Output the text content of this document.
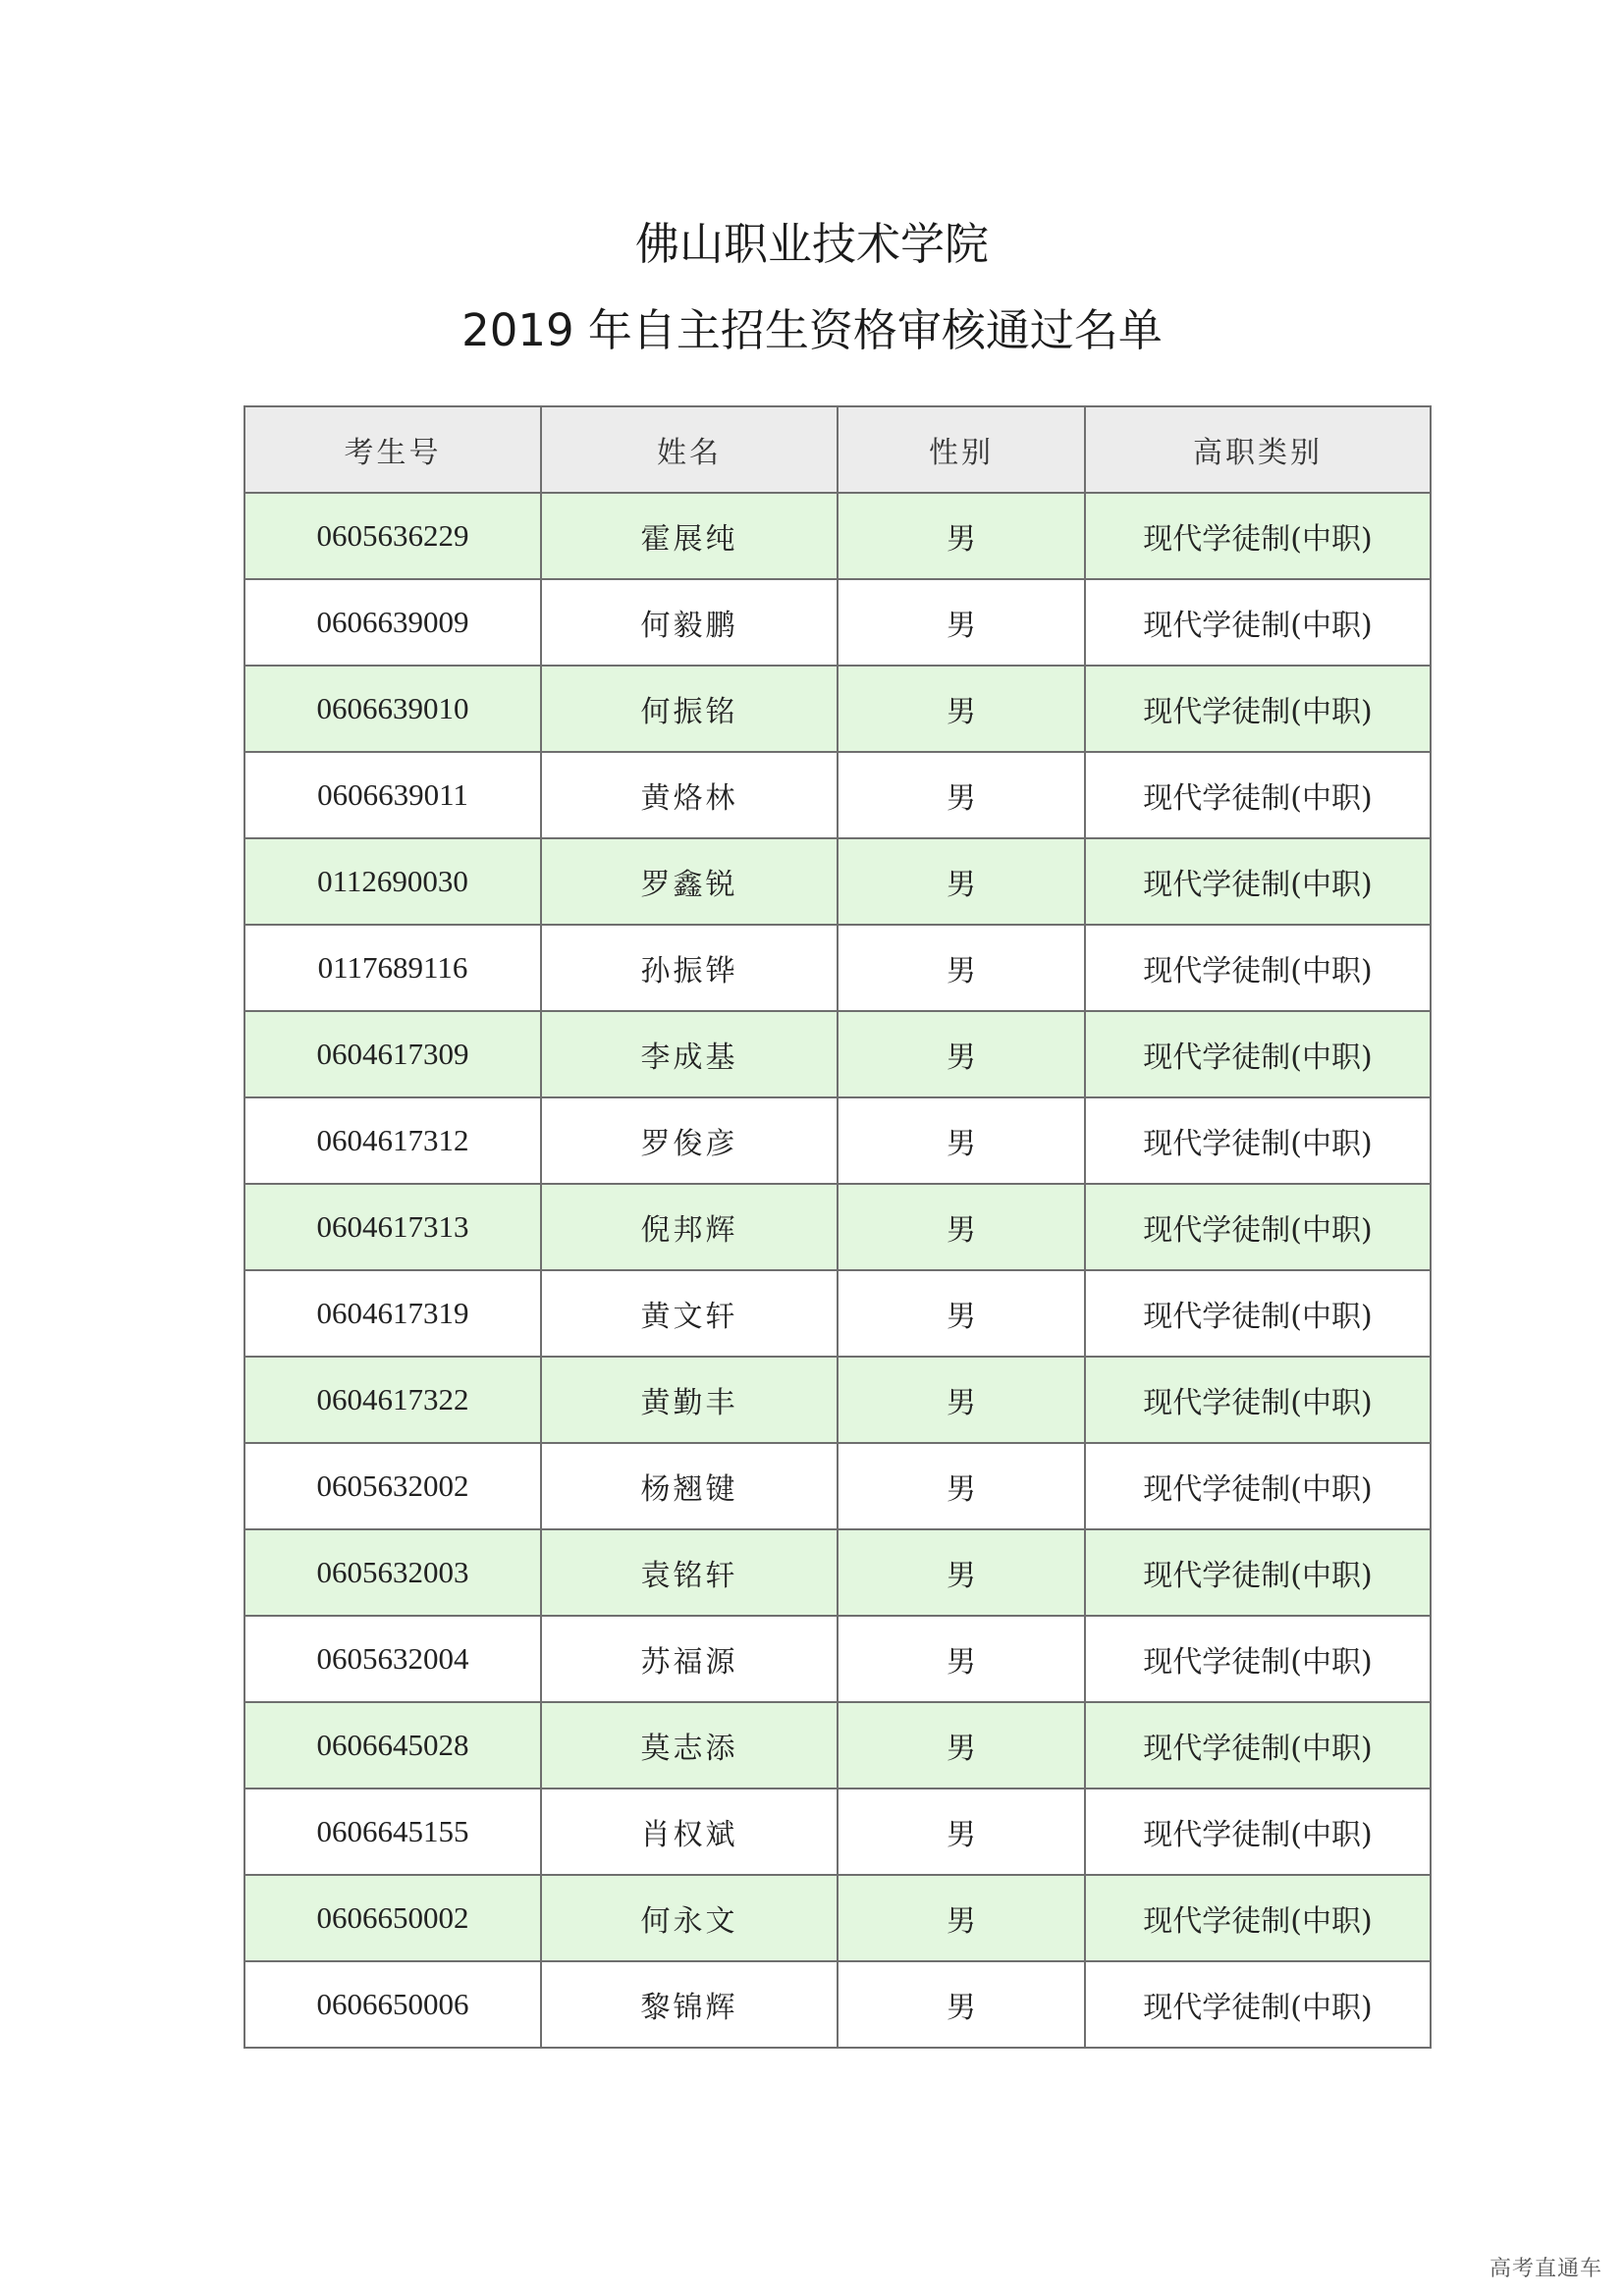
佛山职业技术学院
2019 年自主招生资格审核通过名单
考生号	姓名	性别	高职类别
0605636229	霍展纯	男	现代学徒制(中职)
0606639009	何毅鹏	男	现代学徒制(中职)
0606639010	何振铭	男	现代学徒制(中职)
0606639011	黄烙林	男	现代学徒制(中职)
0112690030	罗鑫锐	男	现代学徒制(中职)
0117689116	孙振铧	男	现代学徒制(中职)
0604617309	李成基	男	现代学徒制(中职)
0604617312	罗俊彦	男	现代学徒制(中职)
0604617313	倪邦辉	男	现代学徒制(中职)
0604617319	黄文轩	男	现代学徒制(中职)
0604617322	黄勤丰	男	现代学徒制(中职)
0605632002	杨翘键	男	现代学徒制(中职)
0605632003	袁铭轩	男	现代学徒制(中职)
0605632004	苏福源	男	现代学徒制(中职)
0606645028	莫志添	男	现代学徒制(中职)
0606645155	肖权斌	男	现代学徒制(中职)
0606650002	何永文	男	现代学徒制(中职)
0606650006	黎锦辉	男	现代学徒制(中职)
高考直通车
